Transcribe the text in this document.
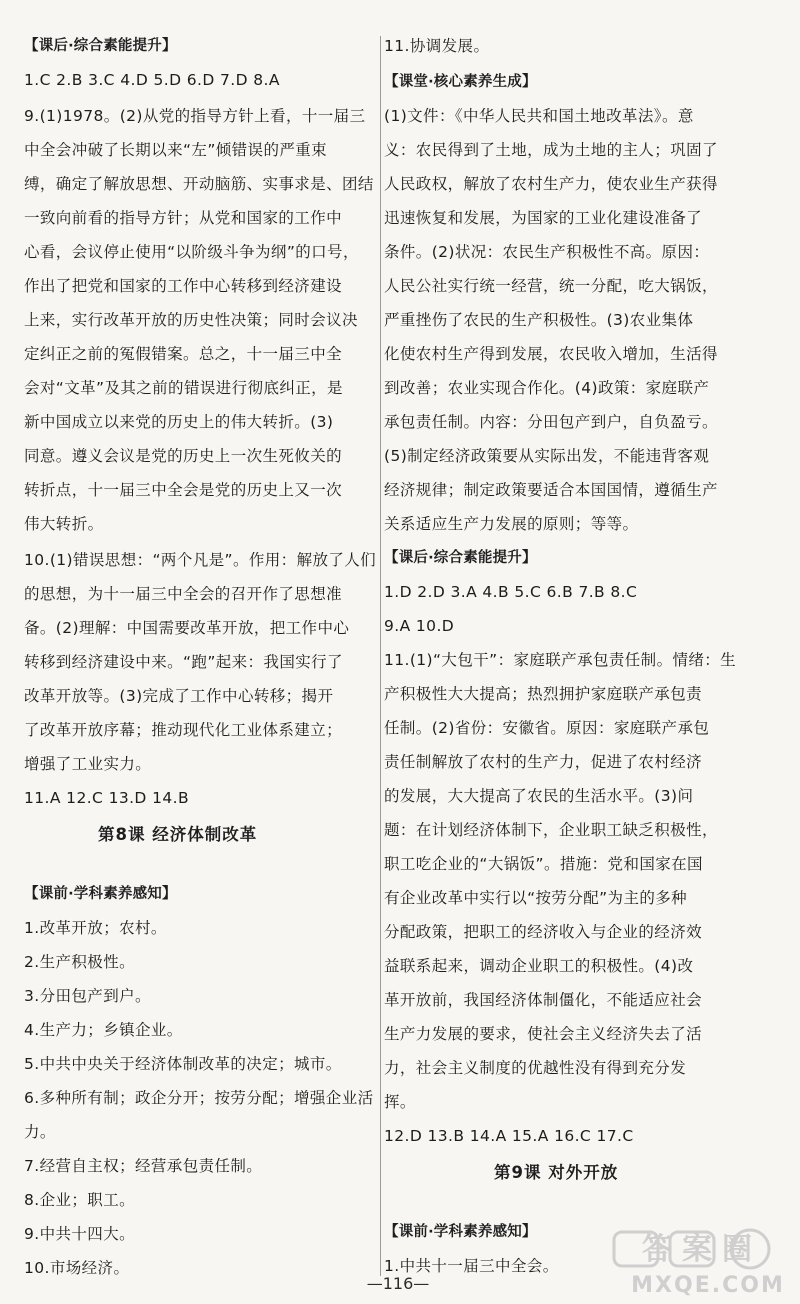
【课后·综合素能提升】
1.C 2.B 3.C 4.D 5.D 6.D 7.D 8.A
9.(1)1978。(2)从党的指导方针上看，十一届三
中全会冲破了长期以来“左”倾错误的严重束
缚，确定了解放思想、开动脑筋、实事求是、团结
一致向前看的指导方针；从党和国家的工作中
心看，会议停止使用“以阶级斗争为纲”的口号，
作出了把党和国家的工作中心转移到经济建设
上来，实行改革开放的历史性决策；同时会议决
定纠正之前的冤假错案。总之，十一届三中全
会对“文革”及其之前的错误进行彻底纠正，是
新中国成立以来党的历史上的伟大转折。(3)
同意。遵义会议是党的历史上一次生死攸关的
转折点，十一届三中全会是党的历史上又一次
伟大转折。
10.(1)错误思想：“两个凡是”。作用：解放了人们
的思想，为十一届三中全会的召开作了思想准
备。(2)理解：中国需要改革开放，把工作中心
转移到经济建设中来。“跑”起来：我国实行了
改革开放等。(3)完成了工作中心转移；揭开
了改革开放序幕；推动现代化工业体系建立；
增强了工业实力。
11.A 12.C 13.D 14.B
第8课 经济体制改革
【课前·学科素养感知】
1.改革开放；农村。
2.生产积极性。
3.分田包产到户。
4.生产力；乡镇企业。
5.中共中央关于经济体制改革的决定；城市。
6.多种所有制；政企分开；按劳分配；增强企业活
力。
7.经营自主权；经营承包责任制。
8.企业；职工。
9.中共十四大。
10.市场经济。
11.协调发展。
【课堂·核心素养生成】
(1)文件：《中华人民共和国土地改革法》。意
义：农民得到了土地，成为土地的主人；巩固了
人民政权，解放了农村生产力，使农业生产获得
迅速恢复和发展，为国家的工业化建设准备了
条件。(2)状况：农民生产积极性不高。原因：
人民公社实行统一经营，统一分配，吃大锅饭，
严重挫伤了农民的生产积极性。(3)农业集体
化使农村生产得到发展，农民收入增加，生活得
到改善；农业实现合作化。(4)政策：家庭联产
承包责任制。内容：分田包产到户，自负盈亏。
(5)制定经济政策要从实际出发，不能违背客观
经济规律；制定政策要适合本国国情，遵循生产
关系适应生产力发展的原则；等等。
【课后·综合素能提升】
1.D 2.D 3.A 4.B 5.C 6.B 7.B 8.C
9.A 10.D
11.(1)“大包干”：家庭联产承包责任制。情绪：生
产积极性大大提高；热烈拥护家庭联产承包责
任制。(2)省份：安徽省。原因：家庭联产承包
责任制解放了农村的生产力，促进了农村经济
的发展，大大提高了农民的生活水平。(3)问
题：在计划经济体制下，企业职工缺乏积极性，
职工吃企业的“大锅饭”。措施：党和国家在国
有企业改革中实行以“按劳分配”为主的多种
分配政策，把职工的经济收入与企业的经济效
益联系起来，调动企业职工的积极性。(4)改
革开放前，我国经济体制僵化，不能适应社会
生产力发展的要求，使社会主义经济失去了活
力，社会主义制度的优越性没有得到充分发
挥。
12.D 13.B 14.A 15.A 16.C 17.C
第9课 对外开放
【课前·学科素养感知】
1.中共十一届三中全会。
—116—
答案圈
MXQE.COM
